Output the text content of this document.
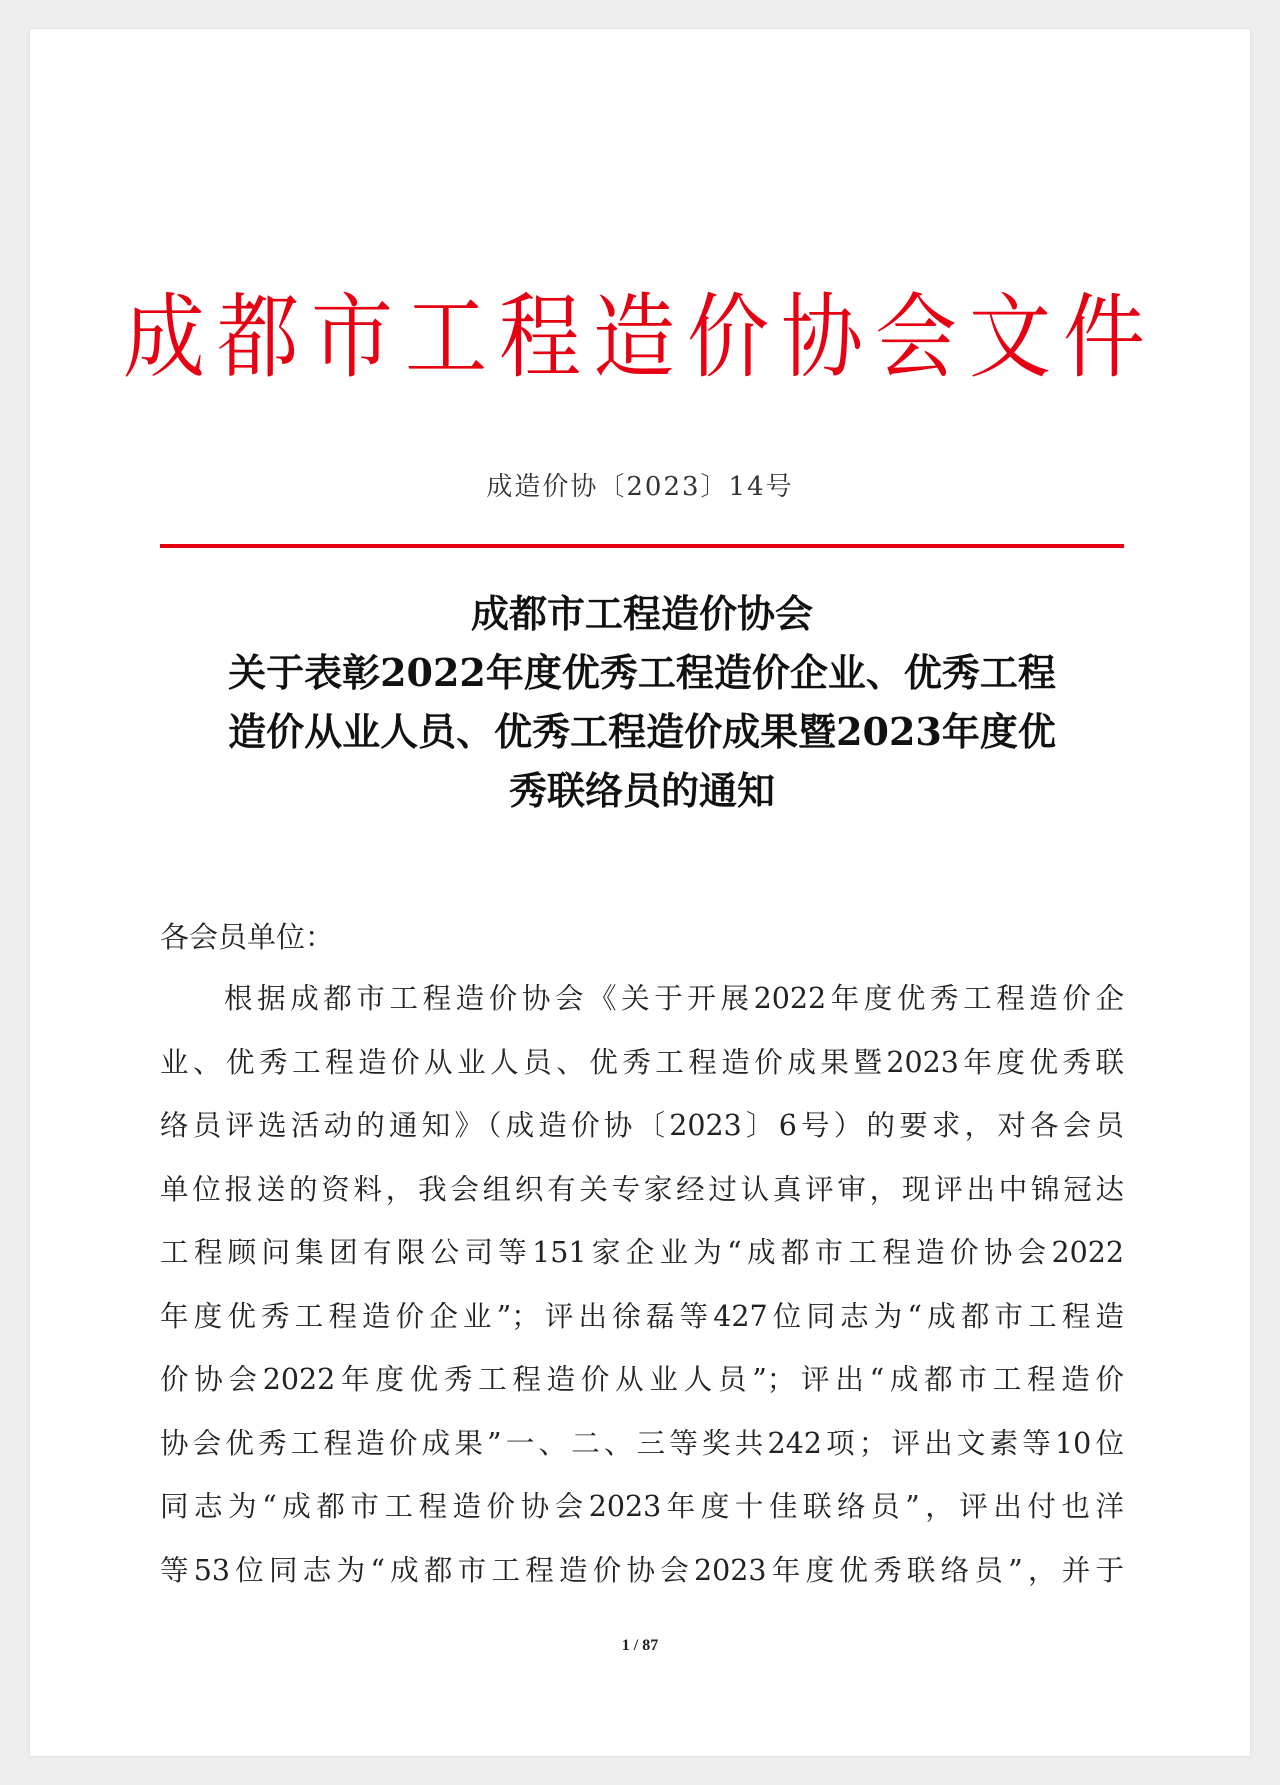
成都市工程造价协会文件
成造价协〔2023〕14号
成都市工程造价协会
关于表彰2022年度优秀工程造价企业、优秀工程
造价从业人员、优秀工程造价成果暨2023年度优
秀联络员的通知
各会员单位：
根据成都市工程造价协会《关于开展2022年度优秀工程造价企
业、优秀工程造价从业人员、优秀工程造价成果暨2023年度优秀联
络员评选活动的通知》（成造价协〔2023〕6号）的要求，对各会员
单位报送的资料，我会组织有关专家经过认真评审，现评出中锦冠达
工程顾问集团有限公司等151家企业为“成都市工程造价协会2022
年度优秀工程造价企业”；评出徐磊等427位同志为“成都市工程造
价协会2022年度优秀工程造价从业人员”；评出“成都市工程造价
协会优秀工程造价成果”一、二、三等奖共242项；评出文素等10位
同志为“成都市工程造价协会2023年度十佳联络员”，评出付也洋
等53位同志为“成都市工程造价协会2023年度优秀联络员”，并于
1 / 87
